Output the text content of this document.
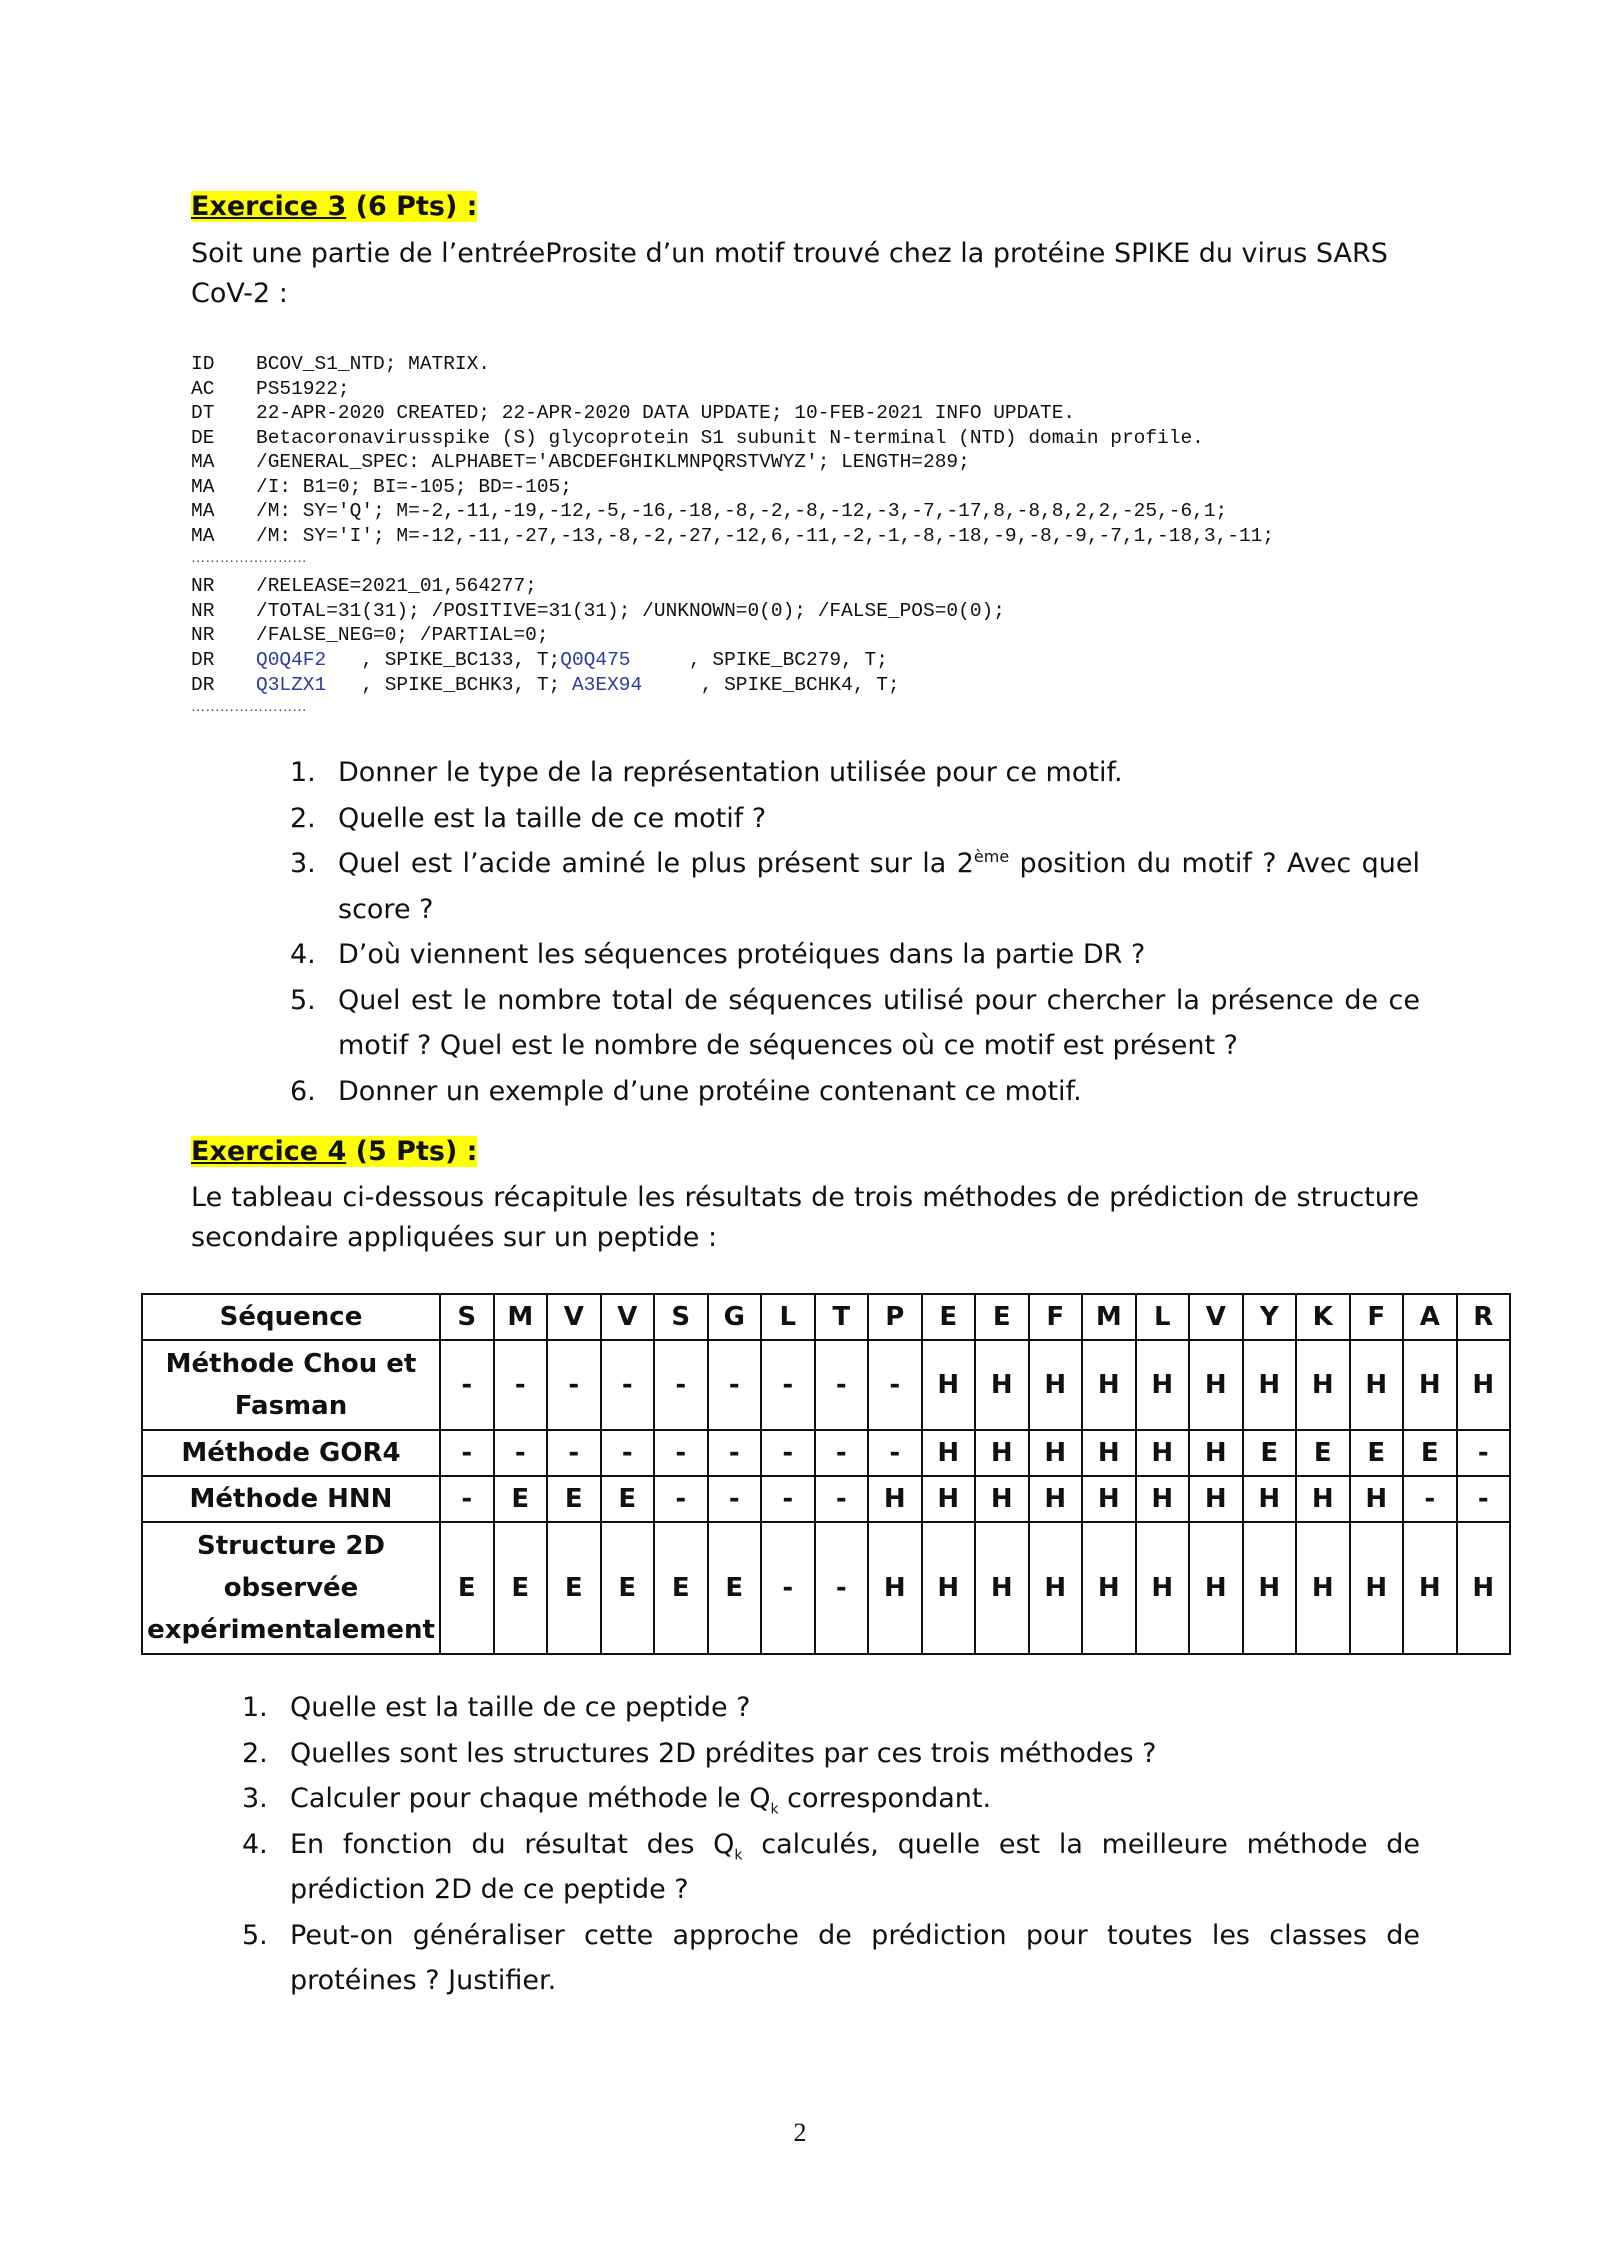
Exercice 3 (6 Pts) :
Soit une partie de l’entréeProsite d’un motif trouvé chez la protéine SPIKE du virus SARS CoV-2 :
ID	BCOV_S1_NTD; MATRIX.
AC	PS51922;
DT	22-APR-2020 CREATED; 22-APR-2020 DATA UPDATE; 10-FEB-2021 INFO UPDATE.
DE	Betacoronavirusspike (S) glycoprotein S1 subunit N-terminal (NTD) domain profile.
MA	/GENERAL_SPEC: ALPHABET='ABCDEFGHIKLMNPQRSTVWYZ'; LENGTH=289;
MA	/I: B1=0; BI=-105; BD=-105;
MA	/M: SY='Q'; M=-2,-11,-19,-12,-5,-16,-18,-8,-2,-8,-12,-3,-7,-17,8,-8,8,2,2,-25,-6,1;
MA	/M: SY='I'; M=-12,-11,-27,-13,-8,-2,-27,-12,6,-11,-2,-1,-8,-18,-9,-8,-9,-7,1,-18,3,-11;
……………………
NR	/RELEASE=2021_01,564277;
NR	/TOTAL=31(31); /POSITIVE=31(31); /UNKNOWN=0(0); /FALSE_POS=0(0);
NR	/FALSE_NEG=0; /PARTIAL=0;
DR	Q0Q4F2 , SPIKE_BC133, T; Q0Q475 , SPIKE_BC279, T;
DR	Q3LZX1 , SPIKE_BCHK3, T; A3EX94 , SPIKE_BCHK4, T;
……………………
1. Donner le type de la représentation utilisée pour ce motif.
2. Quelle est la taille de ce motif ?
3. Quel est l’acide aminé le plus présent sur la 2ème position du motif ? Avec quel score ?
4. D’où viennent les séquences protéiques dans la partie DR ?
5. Quel est le nombre total de séquences utilisé pour chercher la présence de ce motif ? Quel est le nombre de séquences où ce motif est présent ?
6. Donner un exemple d’une protéine contenant ce motif.
Exercice 4 (5 Pts) :
Le tableau ci-dessous récapitule les résultats de trois méthodes de prédiction de structure secondaire appliquées sur un peptide :
Séquence	S	M	V	V	S	G	L	T	P	E	E	F	M	L	V	Y	K	F	A	R
Méthode Chou et Fasman	-	-	-	-	-	-	-	-	-	H	H	H	H	H	H	H	H	H	H	H
Méthode GOR4	-	-	-	-	-	-	-	-	-	H	H	H	H	H	H	E	E	E	E	-
Méthode HNN	-	E	E	E	-	-	-	-	H	H	H	H	H	H	H	H	H	H	-	-
Structure 2D observée expérimentalement	E	E	E	E	E	E	-	-	H	H	H	H	H	H	H	H	H	H	H	H
1. Quelle est la taille de ce peptide ?
2. Quelles sont les structures 2D prédites par ces trois méthodes ?
3. Calculer pour chaque méthode le $Q_k$ correspondant.
4. En fonction du résultat des $Q_k$ calculés, quelle est la meilleure méthode de prédiction 2D de ce peptide ?
5. Peut-on généraliser cette approche de prédiction pour toutes les classes de protéines ? Justifier.
2
